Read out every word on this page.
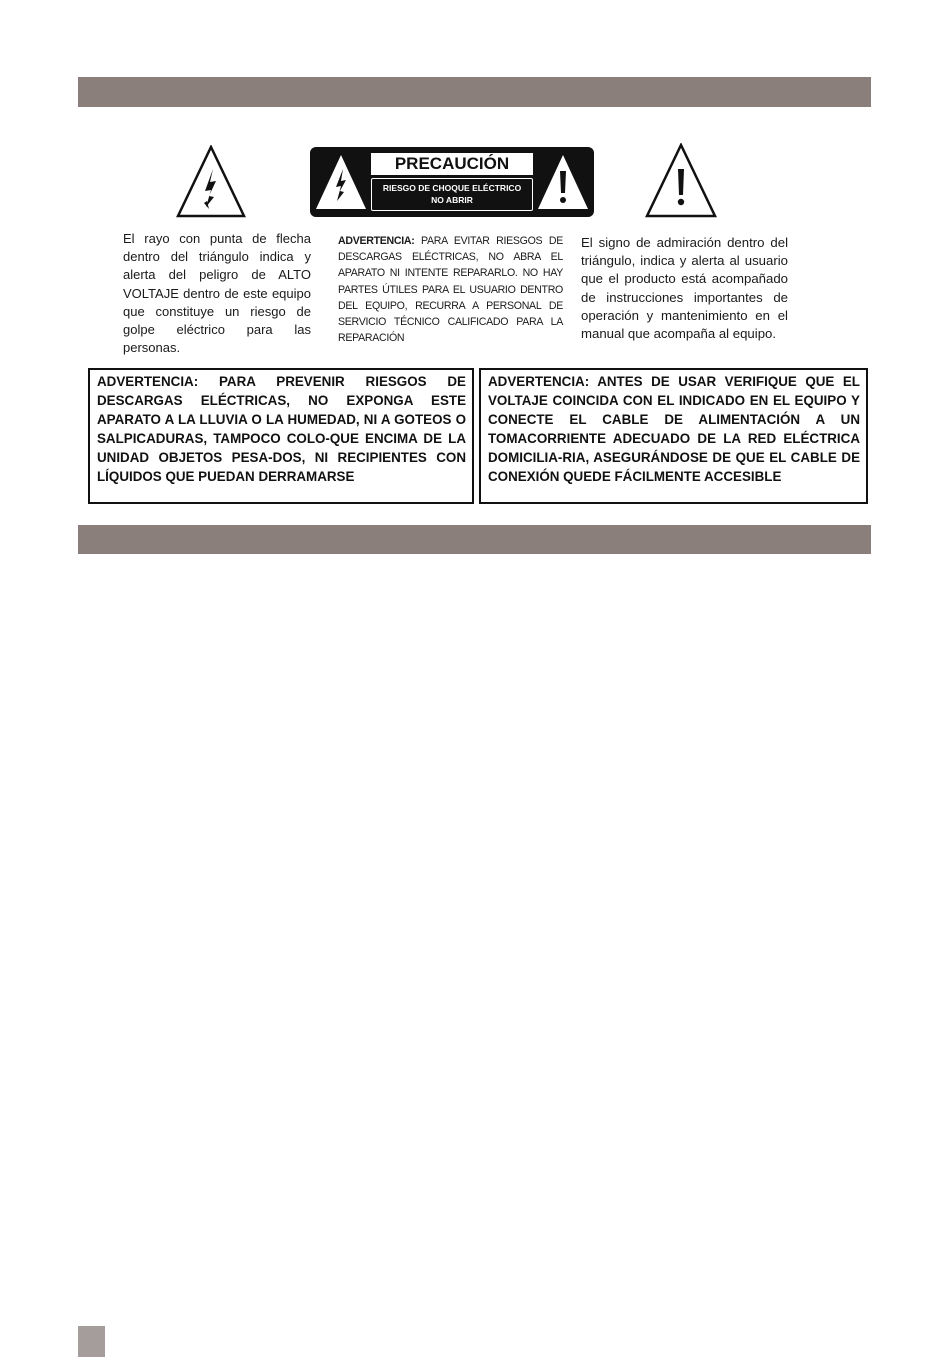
PRECAUCIÓN
RIESGO DE CHOQUE ELÉCTRICO
NO ABRIR
El rayo con punta de flecha dentro del triángulo indica y alerta del peligro de ALTO VOLTAJE dentro de este equipo que constituye un riesgo de golpe eléctrico para las personas.
ADVERTENCIA: PARA EVITAR RIESGOS DE DESCARGAS ELÉCTRICAS, NO ABRA EL APARATO NI INTENTE REPARARLO. NO HAY PARTES ÚTILES PARA EL USUARIO DENTRO DEL EQUIPO, RECURRA A PERSONAL DE SERVICIO TÉCNICO CALIFICADO PARA LA REPARACIÓN
El signo de admiración dentro del triángulo, indica y alerta al usuario que el producto está acompañado de instrucciones importantes de operación y mantenimiento en el manual que acompaña al equipo.
ADVERTENCIA: PARA PREVENIR RIESGOS DE DESCARGAS ELÉCTRICAS, NO EXPONGA ESTE APARATO A LA LLUVIA O LA HUMEDAD, NI A GOTEOS O SALPICADURAS, TAMPOCO COLO-QUE ENCIMA DE LA UNIDAD OBJETOS PESA-DOS, NI RECIPIENTES CON LÍQUIDOS QUE PUEDAN DERRAMARSE
ADVERTENCIA: ANTES DE USAR VERIFIQUE QUE EL VOLTAJE COINCIDA CON EL INDICADO EN EL EQUIPO Y CONECTE EL CABLE DE ALIMENTACIÓN A UN TOMACORRIENTE ADECUADO DE LA RED ELÉCTRICA DOMICILIA-RIA, ASEGURÁNDOSE DE QUE EL CABLE DE CONEXIÓN QUEDE FÁCILMENTE ACCESIBLE
